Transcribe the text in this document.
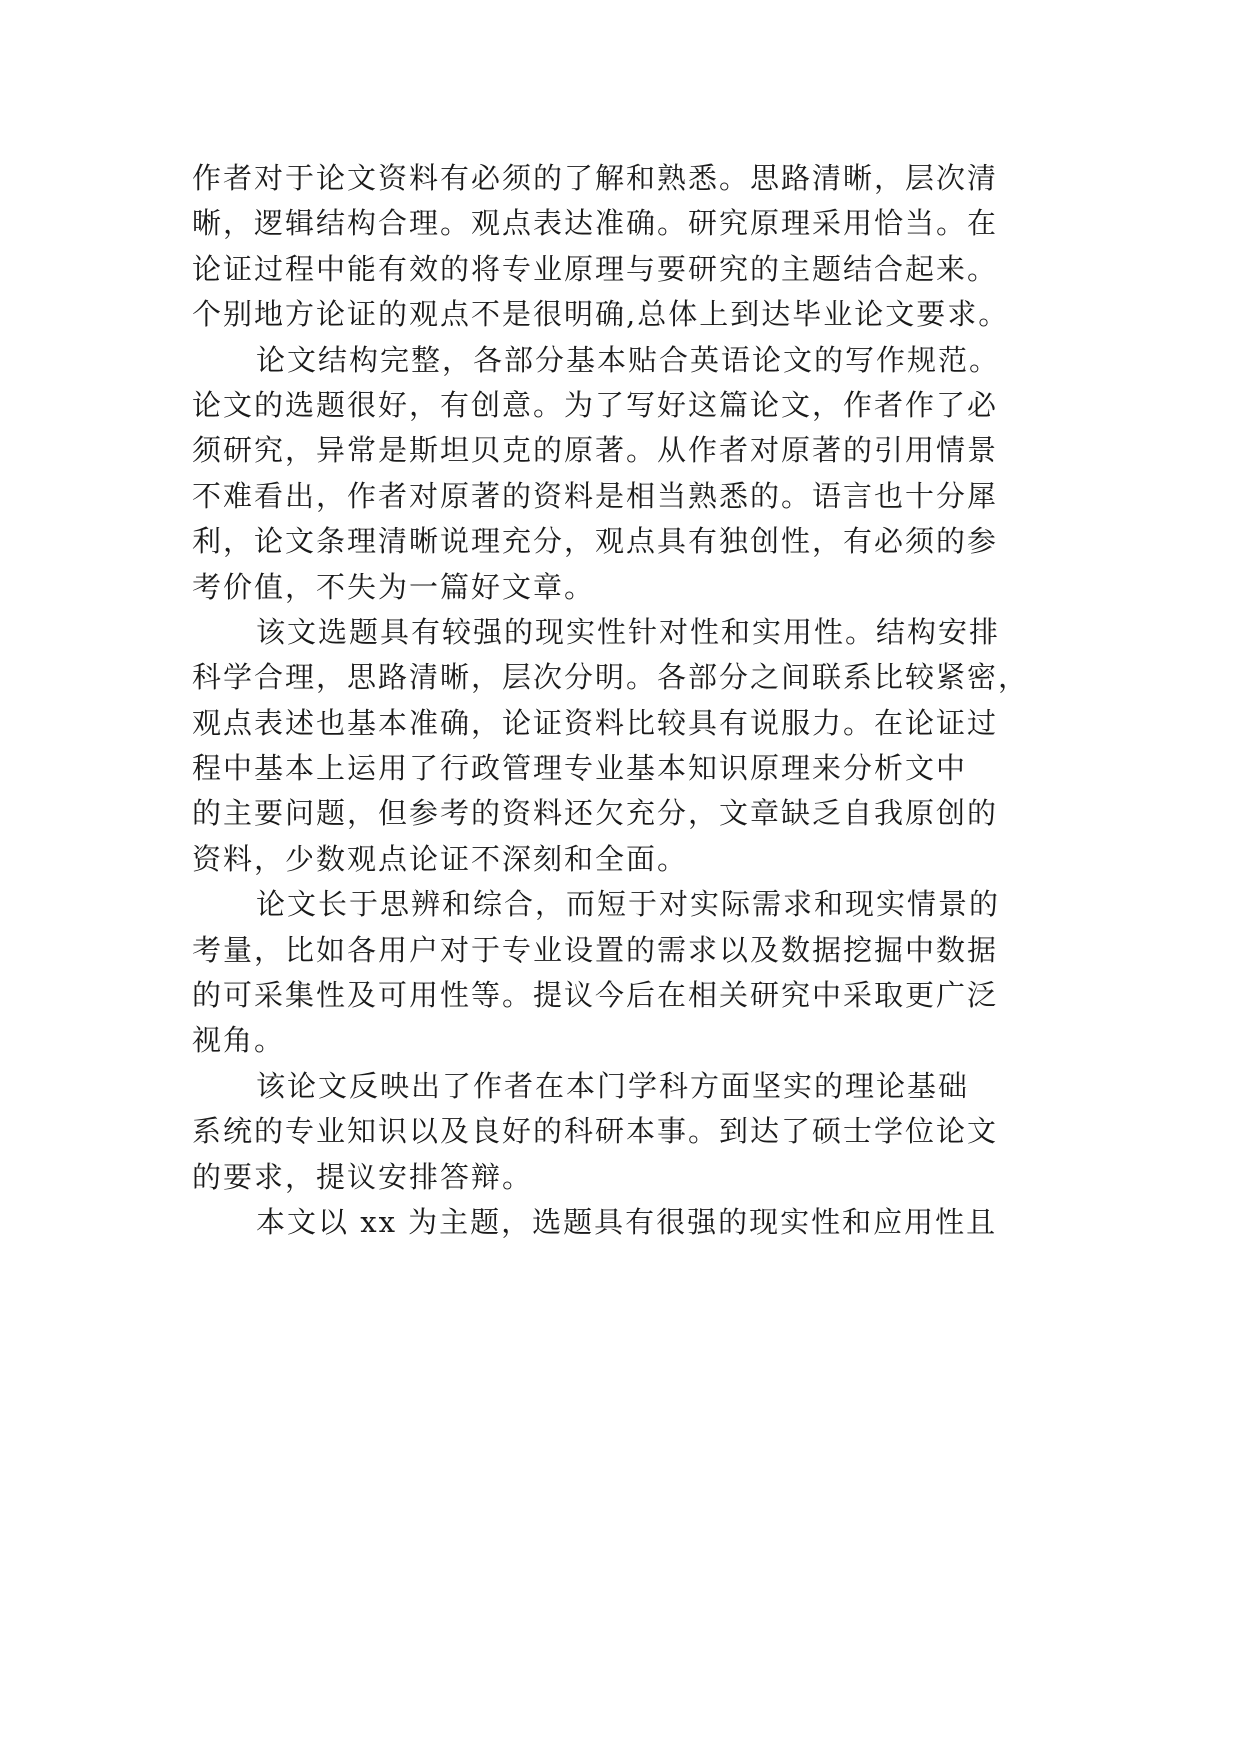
作者对于论文资料有必须的了解和熟悉。思路清晰，层次清
晰，逻辑结构合理。观点表达准确。研究原理采用恰当。在
论证过程中能有效的将专业原理与要研究的主题结合起来。
个别地方论证的观点不是很明确,总体上到达毕业论文要求。
论文结构完整，各部分基本贴合英语论文的写作规范。
论文的选题很好，有创意。为了写好这篇论文，作者作了必
须研究，异常是斯坦贝克的原著。从作者对原著的引用情景
不难看出，作者对原著的资料是相当熟悉的。语言也十分犀
利，论文条理清晰说理充分，观点具有独创性，有必须的参
考价值，不失为一篇好文章。
该文选题具有较强的现实性针对性和实用性。结构安排
科学合理，思路清晰，层次分明。各部分之间联系比较紧密，
观点表述也基本准确，论证资料比较具有说服力。在论证过
程中基本上运用了行政管理专业基本知识原理来分析文中
的主要问题，但参考的资料还欠充分，文章缺乏自我原创的
资料，少数观点论证不深刻和全面。
论文长于思辨和综合，而短于对实际需求和现实情景的
考量，比如各用户对于专业设置的需求以及数据挖掘中数据
的可采集性及可用性等。提议今后在相关研究中采取更广泛
视角。
该论文反映出了作者在本门学科方面坚实的理论基础
系统的专业知识以及良好的科研本事。到达了硕士学位论文
的要求，提议安排答辩。
本文以 xx 为主题，选题具有很强的现实性和应用性且
